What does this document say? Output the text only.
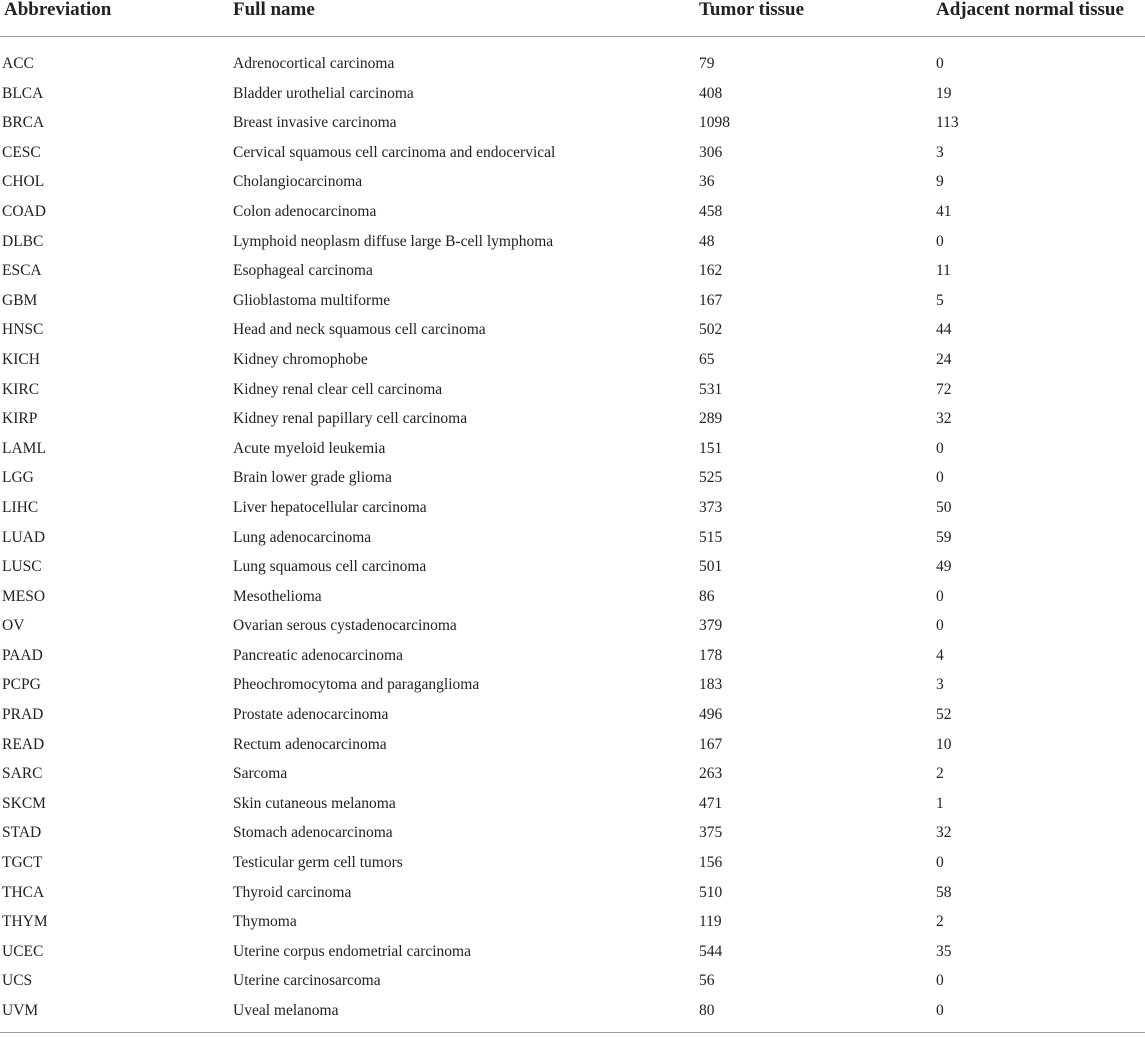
Abbreviation	Full name	Tumor tissue	Adjacent normal tissue
ACC	Adrenocortical carcinoma	79	0
BLCA	Bladder urothelial carcinoma	408	19
BRCA	Breast invasive carcinoma	1098	113
CESC	Cervical squamous cell carcinoma and endocervical	306	3
CHOL	Cholangiocarcinoma	36	9
COAD	Colon adenocarcinoma	458	41
DLBC	Lymphoid neoplasm diffuse large B-cell lymphoma	48	0
ESCA	Esophageal carcinoma	162	11
GBM	Glioblastoma multiforme	167	5
HNSC	Head and neck squamous cell carcinoma	502	44
KICH	Kidney chromophobe	65	24
KIRC	Kidney renal clear cell carcinoma	531	72
KIRP	Kidney renal papillary cell carcinoma	289	32
LAML	Acute myeloid leukemia	151	0
LGG	Brain lower grade glioma	525	0
LIHC	Liver hepatocellular carcinoma	373	50
LUAD	Lung adenocarcinoma	515	59
LUSC	Lung squamous cell carcinoma	501	49
MESO	Mesothelioma	86	0
OV	Ovarian serous cystadenocarcinoma	379	0
PAAD	Pancreatic adenocarcinoma	178	4
PCPG	Pheochromocytoma and paraganglioma	183	3
PRAD	Prostate adenocarcinoma	496	52
READ	Rectum adenocarcinoma	167	10
SARC	Sarcoma	263	2
SKCM	Skin cutaneous melanoma	471	1
STAD	Stomach adenocarcinoma	375	32
TGCT	Testicular germ cell tumors	156	0
THCA	Thyroid carcinoma	510	58
THYM	Thymoma	119	2
UCEC	Uterine corpus endometrial carcinoma	544	35
UCS	Uterine carcinosarcoma	56	0
UVM	Uveal melanoma	80	0
